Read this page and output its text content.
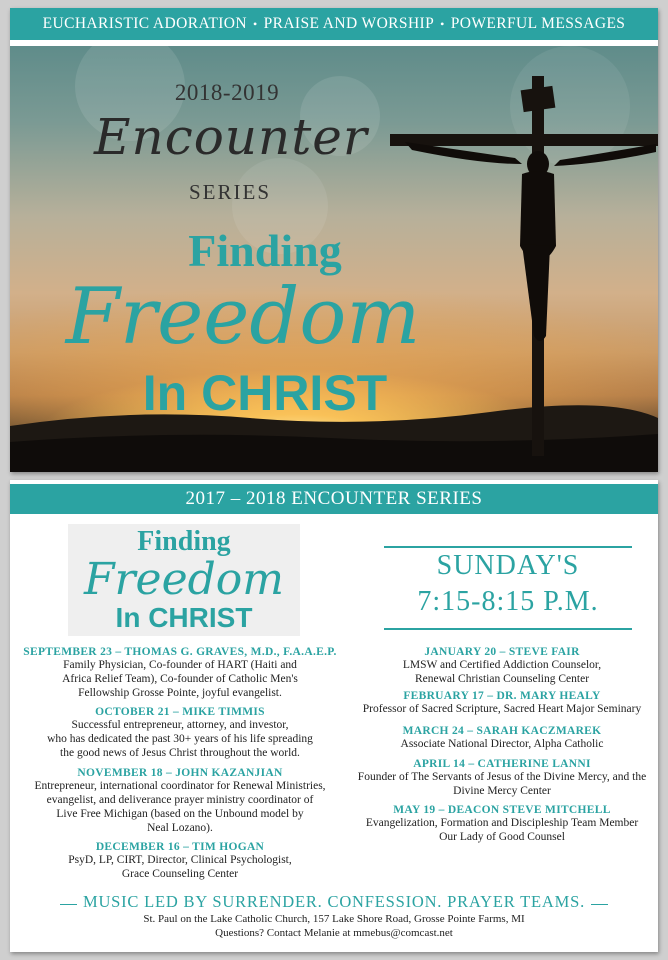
EUCHARISTIC ADORATION • PRAISE AND WORSHIP • POWERFUL MESSAGES
2018-2019
Encounter
SERIES
Finding
Freedom
In CHRIST
2017 – 2018 ENCOUNTER SERIES
Finding
Freedom
In CHRIST
SUNDAY'S
7:15-8:15 P.M.
SEPTEMBER 23 – THOMAS G. GRAVES, M.D., F.A.A.E.P.
Family Physician, Co-founder of HART (Haiti and
Africa Relief Team), Co-founder of Catholic Men's
Fellowship Grosse Pointe, joyful evangelist.
OCTOBER 21 – MIKE TIMMIS
Successful entrepreneur, attorney, and investor,
who has dedicated the past 30+ years of his life spreading
the good news of Jesus Christ throughout the world.
NOVEMBER 18 – JOHN KAZANJIAN
Entrepreneur, international coordinator for Renewal Ministries,
evangelist, and deliverance prayer ministry coordinator of
Live Free Michigan (based on the Unbound model by
Neal Lozano).
DECEMBER 16 – TIM HOGAN
PsyD, LP, CIRT, Director, Clinical Psychologist,
Grace Counseling Center
JANUARY 20 – STEVE FAIR
LMSW and Certified Addiction Counselor,
Renewal Christian Counseling Center
FEBRUARY 17 – DR. MARY HEALY
Professor of Sacred Scripture, Sacred Heart Major Seminary
MARCH 24 – SARAH KACZMAREK
Associate National Director, Alpha Catholic
APRIL 14 – CATHERINE LANNI
Founder of The Servants of Jesus of the Divine Mercy, and the
Divine Mercy Center
MAY 19 – DEACON STEVE MITCHELL
Evangelization, Formation and Discipleship Team Member
Our Lady of Good Counsel
MUSIC LED BY SURRENDER. CONFESSION. PRAYER TEAMS.
St. Paul on the Lake Catholic Church, 157 Lake Shore Road, Grosse Pointe Farms, MI
Questions? Contact Melanie at mmebus@comcast.net
